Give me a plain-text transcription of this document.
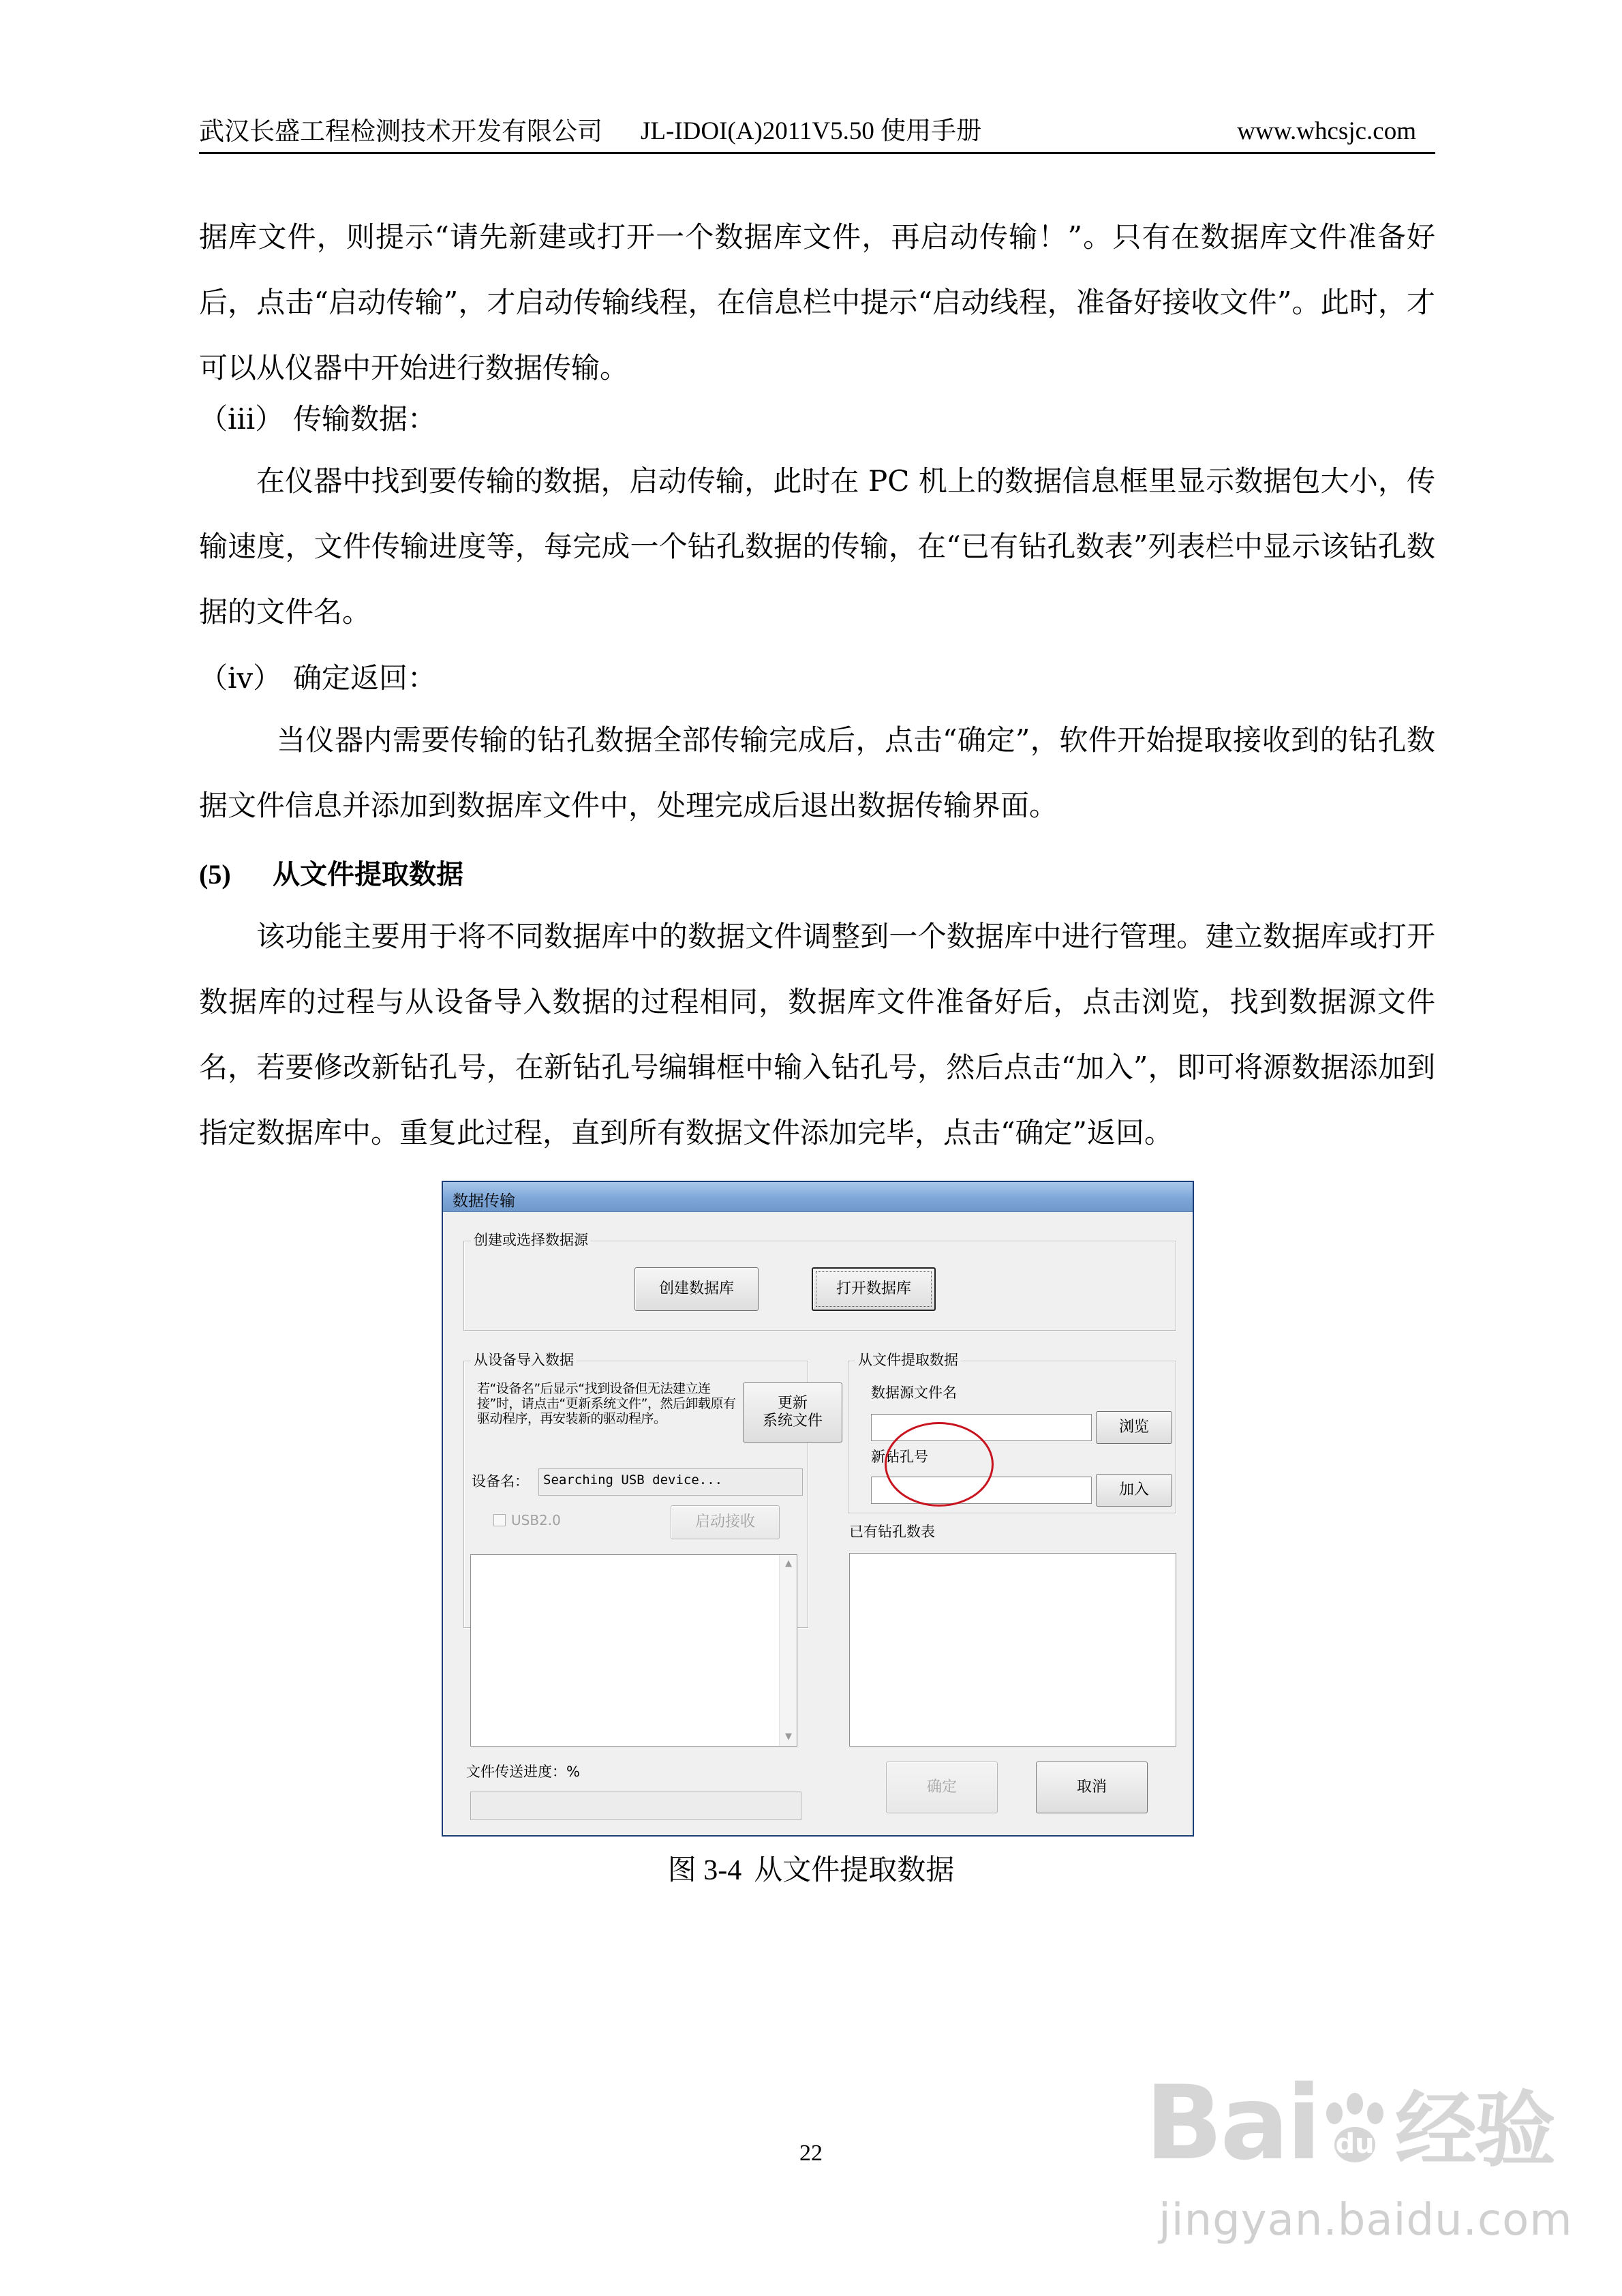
武汉长盛工程检测技术开发有限公司 JL-IDOI(A)2011V5.50 使用手册	www.whcsjc.com

据库文件，则提示“请先新建或打开一个数据库文件，再启动传输！”。只有在数据库文件准备好后，点击“启动传输”，才启动传输线程，在信息栏中提示“启动线程，准备好接收文件”。此时，才可以从仪器中开始进行数据传输。

（iii） 传输数据：

在仪器中找到要传输的数据，启动传输，此时在 PC 机上的数据信息框里显示数据包大小，传输速度，文件传输进度等，每完成一个钻孔数据的传输，在“已有钻孔数表”列表栏中显示该钻孔数据的文件名。

（iv） 确定返回：

当仪器内需要传输的钻孔数据全部传输完成后，点击“确定”，软件开始提取接收到的钻孔数据文件信息并添加到数据库文件中，处理完成后退出数据传输界面。

(5) 从文件提取数据

该功能主要用于将不同数据库中的数据文件调整到一个数据库中进行管理。建立数据库或打开数据库的过程与从设备导入数据的过程相同，数据库文件准备好后，点击浏览，找到数据源文件名，若要修改新钻孔号，在新钻孔号编辑框中输入钻孔号，然后点击“加入”，即可将源数据添加到指定数据库中。重复此过程，直到所有数据文件添加完毕，点击“确定”返回。

数据传输
创建或选择数据源
创建数据库	打开数据库
从设备导入数据
若“设备名”后显示“找到设备但无法建立连接”时，请点击“更新系统文件”，然后卸载原有驱动程序，再安装新的驱动程序。
更新
系统文件
设备名： Searching USB device...
USB2.0	启动接收
▲
▼
文件传送进度：%
从文件提取数据
数据源文件名
浏览
新钻孔号
加入
已有钻孔数表
确定	取消
图 3-4 从文件提取数据
22	Bai 经验
du
jingyan.baidu.com
